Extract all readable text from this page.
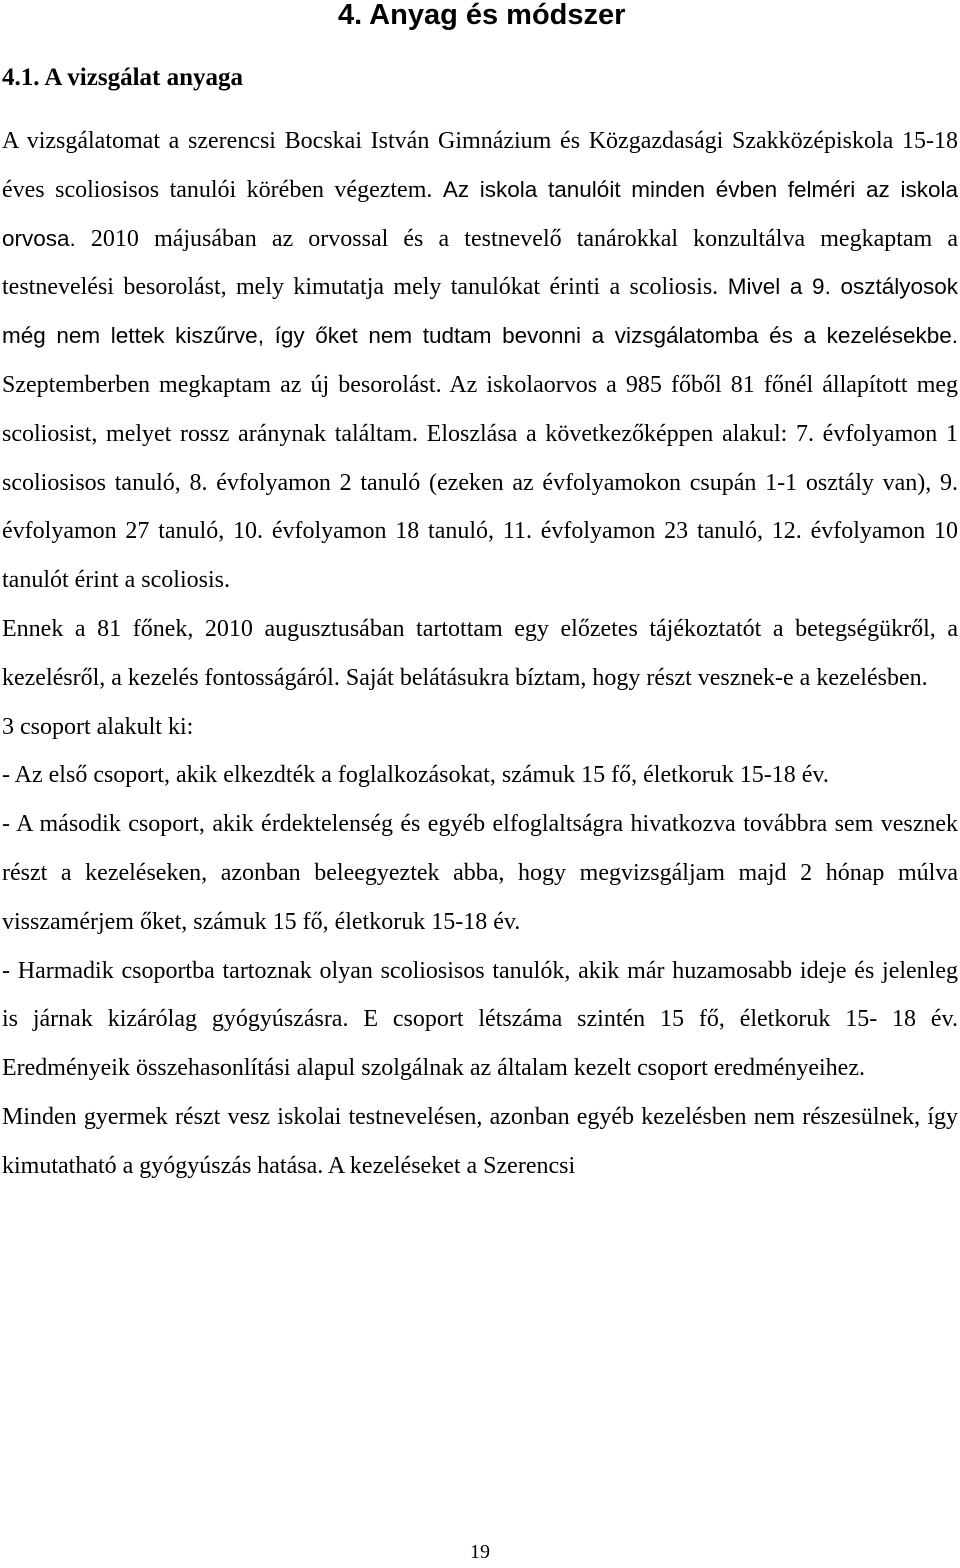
4. Anyag és módszer
4.1. A vizsgálat anyaga

A vizsgálatomat a szerencsi Bocskai István Gimnázium és Közgazdasági Szakközépiskola 15-18 éves scoliosisos tanulói körében végeztem. Az iskola tanulóit minden évben felméri az iskola orvosa. 2010 májusában az orvossal és a testnevelő tanárokkal konzultálva megkaptam a testnevelési besorolást, mely kimutatja mely tanulókat érinti a scoliosis. Mivel a 9. osztályosok még nem lettek kiszűrve, így őket nem tudtam bevonni a vizsgálatomba és a kezelésekbe. Szeptemberben megkaptam az új besorolást. Az iskolaorvos a 985 főből 81 főnél állapított meg scoliosist, melyet rossz aránynak találtam. Eloszlása a következőképpen alakul: 7. évfolyamon 1 scoliosisos tanuló, 8. évfolyamon 2 tanuló (ezeken az évfolyamokon csupán 1-1 osztály van), 9. évfolyamon 27 tanuló, 10. évfolyamon 18 tanuló, 11. évfolyamon 23 tanuló, 12. évfolyamon 10 tanulót érint a scoliosis.

Ennek a 81 főnek, 2010 augusztusában tartottam egy előzetes tájékoztatót a betegségükről, a kezelésről, a kezelés fontosságáról. Saját belátásukra bíztam, hogy részt vesznek-e a kezelésben.

3 csoport alakult ki:

- Az első csoport, akik elkezdték a foglalkozásokat, számuk 15 fő, életkoruk 15-18 év.

- A második csoport, akik érdektelenség és egyéb elfoglaltságra hivatkozva továbbra sem vesznek részt a kezeléseken, azonban beleegyeztek abba, hogy megvizsgáljam majd 2 hónap múlva visszamérjem őket, számuk 15 fő, életkoruk 15-18 év.

- Harmadik csoportba tartoznak olyan scoliosisos tanulók, akik már huzamosabb ideje és jelenleg is járnak kizárólag gyógyúszásra. E csoport létszáma szintén 15 fő, életkoruk 15- 18 év. Eredményeik összehasonlítási alapul szolgálnak az általam kezelt csoport eredményeihez.

Minden gyermek részt vesz iskolai testnevelésen, azonban egyéb kezelésben nem részesülnek, így kimutatható a gyógyúszás hatása. A kezeléseket a Szerencsi

19
